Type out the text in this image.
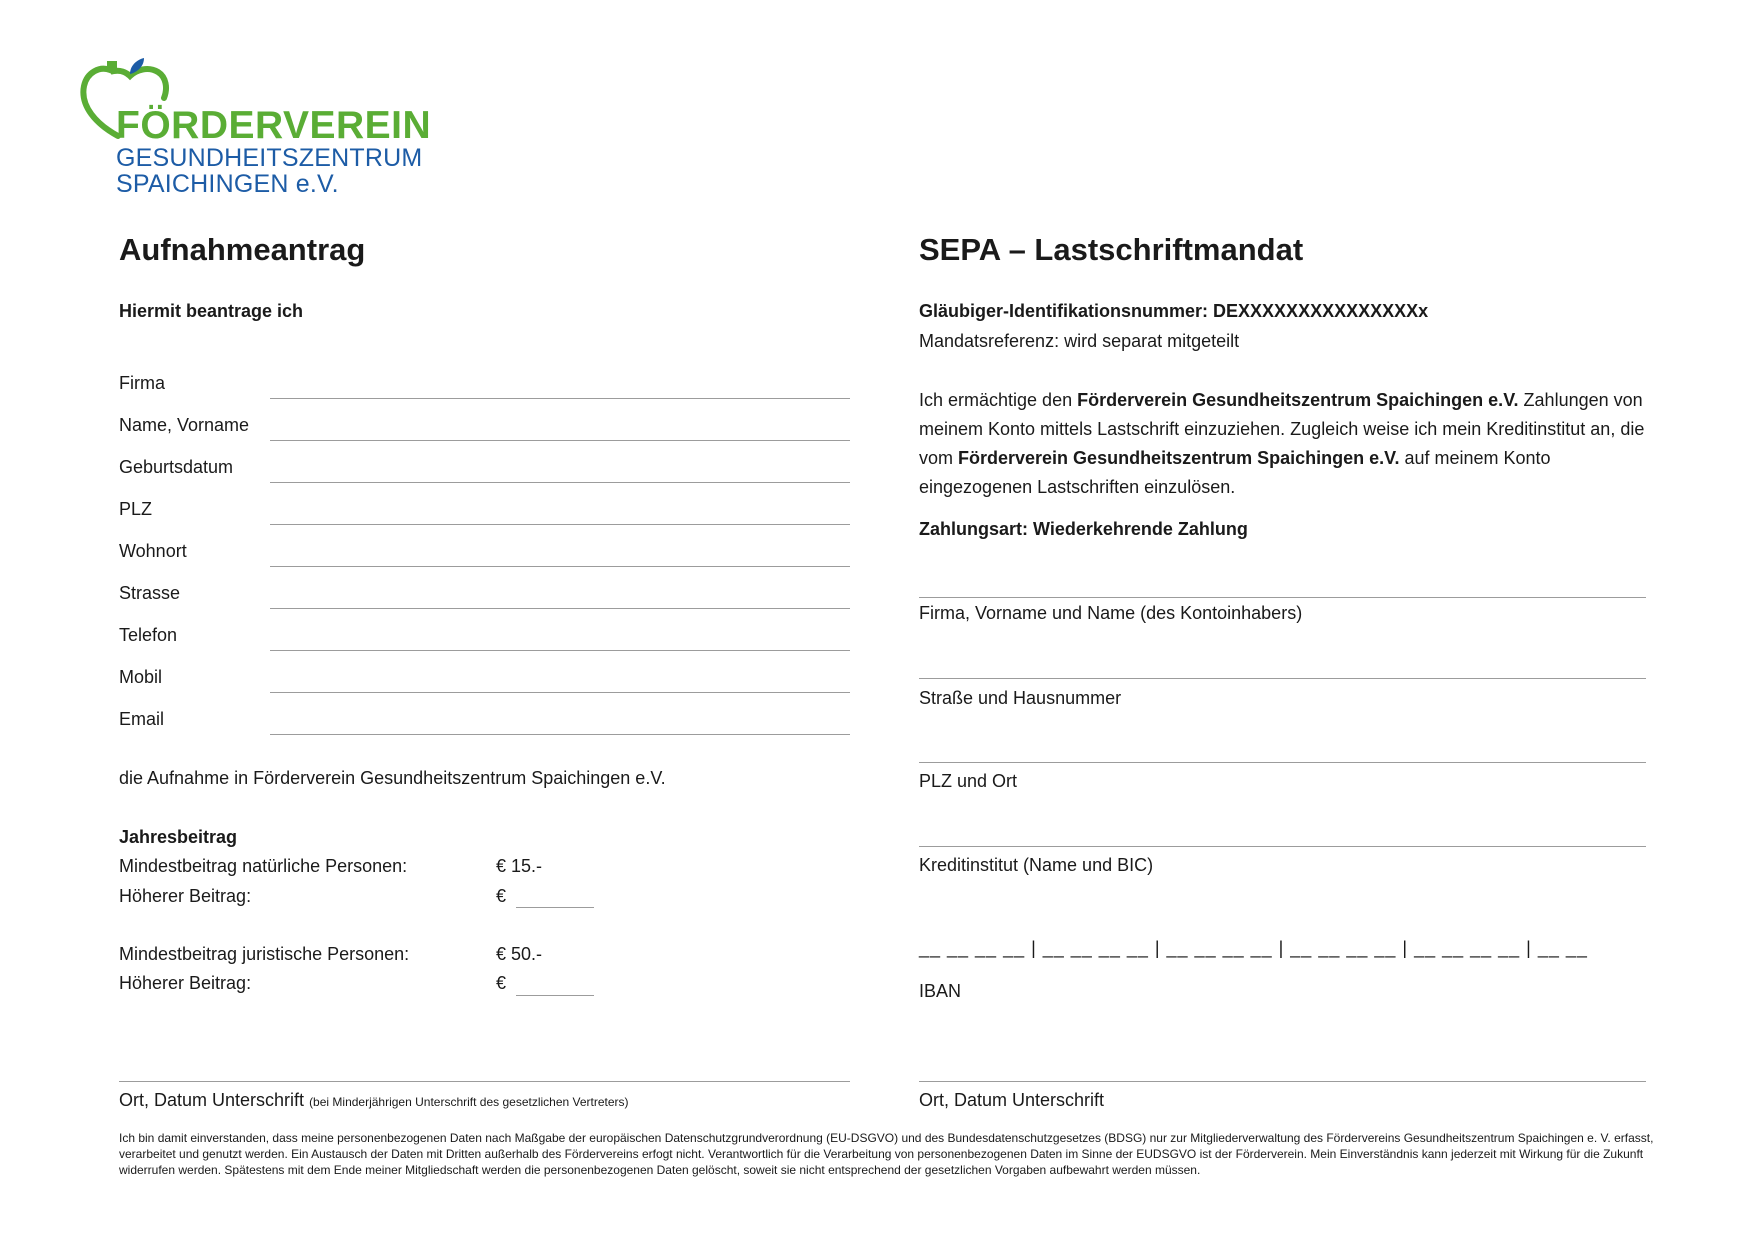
FÖRDERVEREIN
GESUNDHEITSZENTRUM
SPAICHINGEN e.V.
Aufnahmeantrag
Hiermit beantrage ich
Firma
Name, Vorname
Geburtsdatum
PLZ
Wohnort
Strasse
Telefon
Mobil
Email
die Aufnahme in Förderverein Gesundheitszentrum Spaichingen e.V.
Jahresbeitrag
Mindestbeitrag natürliche Personen:	€ 15.-
Höherer Beitrag:	€
Mindestbeitrag juristische Personen:	€ 50.-
Höherer Beitrag:	€
Ort, Datum Unterschrift (bei Minderjährigen Unterschrift des gesetzlichen Vertreters)
SEPA – Lastschriftmandat
Gläubiger-Identifikationsnummer: DEXXXXXXXXXXXXXXXx
Mandatsreferenz: wird separat mitgeteilt
Ich ermächtige den Förderverein Gesundheitszentrum Spaichingen e.V. Zahlungen von meinem Konto mittels Lastschrift einzuziehen. Zugleich weise ich mein Kreditinstitut an, die vom Förderverein Gesundheitszentrum Spaichingen e.V. auf meinem Konto eingezogenen Lastschriften einzulösen.
Zahlungsart: Wiederkehrende Zahlung
Firma, Vorname und Name (des Kontoinhabers)
Straße und Hausnummer
PLZ und Ort
Kreditinstitut (Name und BIC)
__ __ __ __ | __ __ __ __ | __ __ __ __ | __ __ __ __ | __ __ __ __ | __ __
IBAN
Ort, Datum Unterschrift
Ich bin damit einverstanden, dass meine personenbezogenen Daten nach Maßgabe der europäischen Datenschutzgrundverordnung (EU-DSGVO) und des Bundesdatenschutzgesetzes (BDSG) nur zur Mitgliederverwaltung des Fördervereins Gesundheitszentrum Spaichingen e. V. erfasst, verarbeitet und genutzt werden. Ein Austausch der Daten mit Dritten außerhalb des Fördervereins erfogt nicht. Verantwortlich für die Verarbeitung von personenbezogenen Daten im Sinne der EUDSGVO ist der Förderverein. Mein Einverständnis kann jederzeit mit Wirkung für die Zukunft widerrufen werden. Spätestens mit dem Ende meiner Mitgliedschaft werden die personenbezogenen Daten gelöscht, soweit sie nicht entsprechend der gesetzlichen Vorgaben aufbewahrt werden müssen.
